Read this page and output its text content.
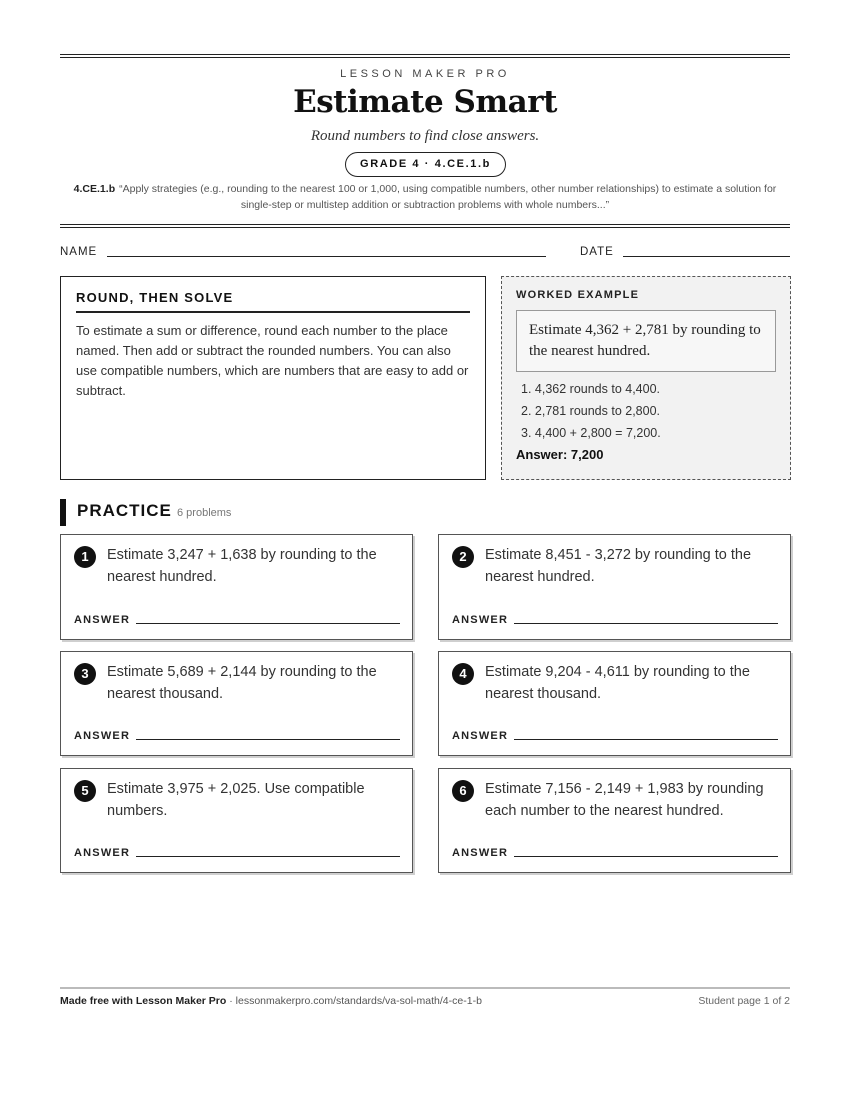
LESSON MAKER PRO
Estimate Smart
Round numbers to find close answers.
GRADE 4 · 4.CE.1.b
4.CE.1.b “Apply strategies (e.g., rounding to the nearest 100 or 1,000, using compatible numbers, other number relationships) to estimate a solution for single-step or multistep addition or subtraction problems with whole numbers...”
NAME	DATE
ROUND, THEN SOLVE
To estimate a sum or difference, round each number to the place named. Then add or subtract the rounded numbers. You can also use compatible numbers, which are numbers that are easy to add or subtract.
WORKED EXAMPLE
Estimate 4,362 + 2,781 by rounding to the nearest hundred.
1. 4,362 rounds to 4,400.
2. 2,781 rounds to 2,800.
3. 4,400 + 2,800 = 7,200.
Answer: 7,200
PRACTICE 6 problems
1	Estimate 3,247 + 1,638 by rounding to the nearest hundred.
ANSWER
2	Estimate 8,451 - 3,272 by rounding to the nearest hundred.
ANSWER
3	Estimate 5,689 + 2,144 by rounding to the nearest thousand.
ANSWER
4	Estimate 9,204 - 4,611 by rounding to the nearest thousand.
ANSWER
5	Estimate 3,975 + 2,025. Use compatible numbers.
ANSWER
6	Estimate 7,156 - 2,149 + 1,983 by rounding each number to the nearest hundred.
ANSWER
Made free with Lesson Maker Pro · lessonmakerpro.com/standards/va-sol-math/4-ce-1-b	Student page 1 of 2
